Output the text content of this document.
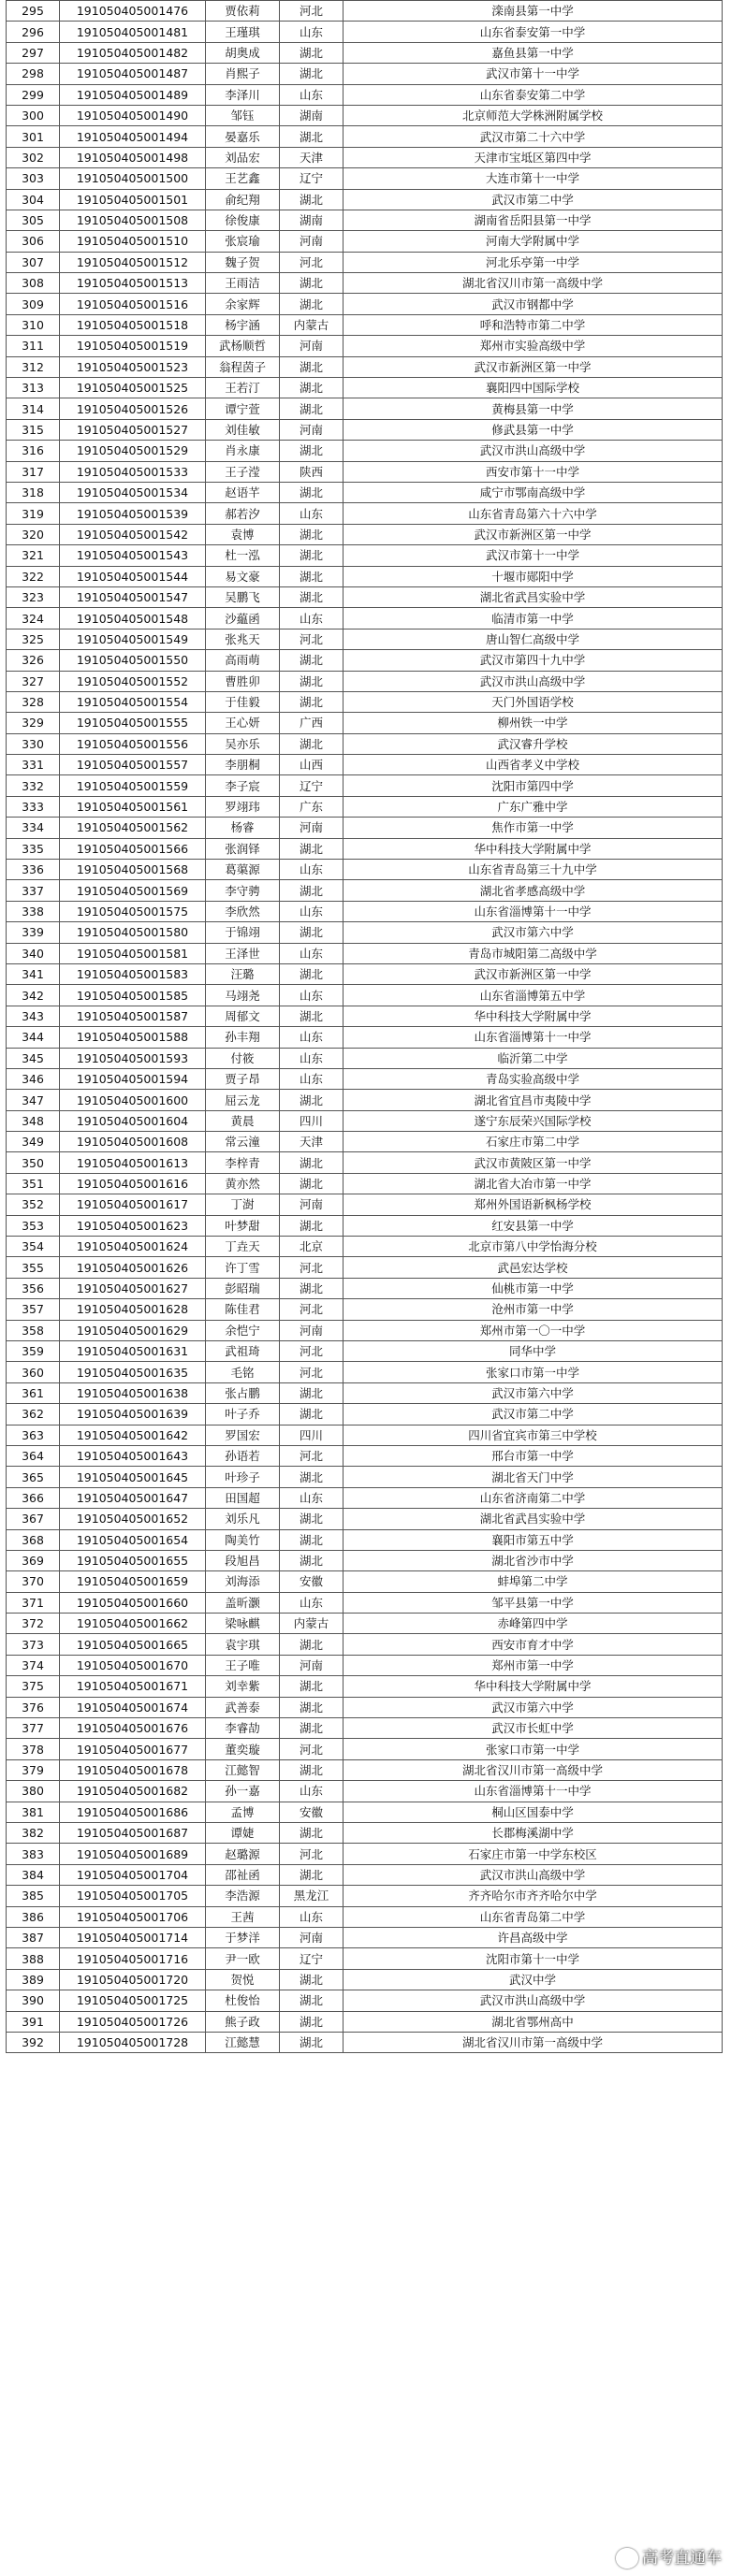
295	191050405001476	贾依莉	河北	滦南县第一中学
296	191050405001481	王瑾琪	山东	山东省泰安第一中学
297	191050405001482	胡奥成	湖北	嘉鱼县第一中学
298	191050405001487	肖熙子	湖北	武汉市第十一中学
299	191050405001489	李泽川	山东	山东省泰安第二中学
300	191050405001490	邹钰	湖南	北京师范大学株洲附属学校
301	191050405001494	晏嘉乐	湖北	武汉市第二十六中学
302	191050405001498	刘品宏	天津	天津市宝坻区第四中学
303	191050405001500	王艺鑫	辽宁	大连市第十一中学
304	191050405001501	俞纪翔	湖北	武汉市第二中学
305	191050405001508	徐俊康	湖南	湖南省岳阳县第一中学
306	191050405001510	张宸瑜	河南	河南大学附属中学
307	191050405001512	魏子贺	河北	河北乐亭第一中学
308	191050405001513	王雨洁	湖北	湖北省汉川市第一高级中学
309	191050405001516	余家辉	湖北	武汉市钢都中学
310	191050405001518	杨宇涵	内蒙古	呼和浩特市第二中学
311	191050405001519	武杨顺哲	河南	郑州市实验高级中学
312	191050405001523	翁程茵子	湖北	武汉市新洲区第一中学
313	191050405001525	王若汀	湖北	襄阳四中国际学校
314	191050405001526	谭宁萱	湖北	黄梅县第一中学
315	191050405001527	刘佳敏	河南	修武县第一中学
316	191050405001529	肖永康	湖北	武汉市洪山高级中学
317	191050405001533	王子滢	陕西	西安市第十一中学
318	191050405001534	赵语芊	湖北	咸宁市鄂南高级中学
319	191050405001539	郝若汐	山东	山东省青岛第六十六中学
320	191050405001542	袁博	湖北	武汉市新洲区第一中学
321	191050405001543	杜一泓	湖北	武汉市第十一中学
322	191050405001544	易文豪	湖北	十堰市郧阳中学
323	191050405001547	吴鹏飞	湖北	湖北省武昌实验中学
324	191050405001548	沙藴函	山东	临清市第一中学
325	191050405001549	张兆天	河北	唐山智仁高级中学
326	191050405001550	高雨萌	湖北	武汉市第四十九中学
327	191050405001552	曹胜卯	湖北	武汉市洪山高级中学
328	191050405001554	于佳毅	湖北	天门外国语学校
329	191050405001555	王心妍	广西	柳州铁一中学
330	191050405001556	吴亦乐	湖北	武汉睿升学校
331	191050405001557	李朋桐	山西	山西省孝义中学校
332	191050405001559	李子宸	辽宁	沈阳市第四中学
333	191050405001561	罗翊玮	广东	广东广雅中学
334	191050405001562	杨睿	河南	焦作市第一中学
335	191050405001566	张润铎	湖北	华中科技大学附属中学
336	191050405001568	葛蕖源	山东	山东省青岛第三十九中学
337	191050405001569	李守骋	湖北	湖北省孝感高级中学
338	191050405001575	李欣然	山东	山东省淄博第十一中学
339	191050405001580	于锦翊	湖北	武汉市第六中学
340	191050405001581	王泽世	山东	青岛市城阳第二高级中学
341	191050405001583	汪璐	湖北	武汉市新洲区第一中学
342	191050405001585	马翊尧	山东	山东省淄博第五中学
343	191050405001587	周郁文	湖北	华中科技大学附属中学
344	191050405001588	孙丰翔	山东	山东省淄博第十一中学
345	191050405001593	付筱	山东	临沂第二中学
346	191050405001594	贾子昂	山东	青岛实验高级中学
347	191050405001600	屈云龙	湖北	湖北省宜昌市夷陵中学
348	191050405001604	黄晨	四川	遂宁东辰荣兴国际学校
349	191050405001608	常云潼	天津	石家庄市第二中学
350	191050405001613	李梓青	湖北	武汉市黄陂区第一中学
351	191050405001616	黄亦然	湖北	湖北省大冶市第一中学
352	191050405001617	丁澍	河南	郑州外国语新枫杨学校
353	191050405001623	叶梦甜	湖北	红安县第一中学
354	191050405001624	丁垚天	北京	北京市第八中学怡海分校
355	191050405001626	许丁雪	河北	武邑宏达学校
356	191050405001627	彭昭瑞	湖北	仙桃市第一中学
357	191050405001628	陈佳君	河北	沧州市第一中学
358	191050405001629	余恺宁	河南	郑州市第一〇一中学
359	191050405001631	武祖琦	河北	同华中学
360	191050405001635	毛铭	河北	张家口市第一中学
361	191050405001638	张占鹏	湖北	武汉市第六中学
362	191050405001639	叶子乔	湖北	武汉市第二中学
363	191050405001642	罗国宏	四川	四川省宜宾市第三中学校
364	191050405001643	孙语若	河北	邢台市第一中学
365	191050405001645	叶珍子	湖北	湖北省天门中学
366	191050405001647	田国超	山东	山东省济南第二中学
367	191050405001652	刘乐凡	湖北	湖北省武昌实验中学
368	191050405001654	陶美竹	湖北	襄阳市第五中学
369	191050405001655	段旭昌	湖北	湖北省沙市中学
370	191050405001659	刘海添	安徽	蚌埠第二中学
371	191050405001660	盖昕灏	山东	邹平县第一中学
372	191050405001662	梁咏麒	内蒙古	赤峰第四中学
373	191050405001665	袁宇琪	湖北	西安市育才中学
374	191050405001670	王子唯	河南	郑州市第一中学
375	191050405001671	刘幸紫	湖北	华中科技大学附属中学
376	191050405001674	武善泰	湖北	武汉市第六中学
377	191050405001676	李睿劼	湖北	武汉市长虹中学
378	191050405001677	董奕璇	河北	张家口市第一中学
379	191050405001678	江懿智	湖北	湖北省汉川市第一高级中学
380	191050405001682	孙一嘉	山东	山东省淄博第十一中学
381	191050405001686	孟博	安徽	桐山区国泰中学
382	191050405001687	谭婕	湖北	长郡梅溪湖中学
383	191050405001689	赵璐源	河北	石家庄市第一中学东校区
384	191050405001704	邵祉函	湖北	武汉市洪山高级中学
385	191050405001705	李浩源	黑龙江	齐齐哈尔市齐齐哈尔中学
386	191050405001706	王茜	山东	山东省青岛第二中学
387	191050405001714	于梦洋	河南	许昌高级中学
388	191050405001716	尹一欧	辽宁	沈阳市第十一中学
389	191050405001720	贺悦	湖北	武汉中学
390	191050405001725	杜俊怡	湖北	武汉市洪山高级中学
391	191050405001726	熊子政	湖北	湖北省鄂州高中
392	191050405001728	江懿慧	湖北	湖北省汉川市第一高级中学
高考直通车
